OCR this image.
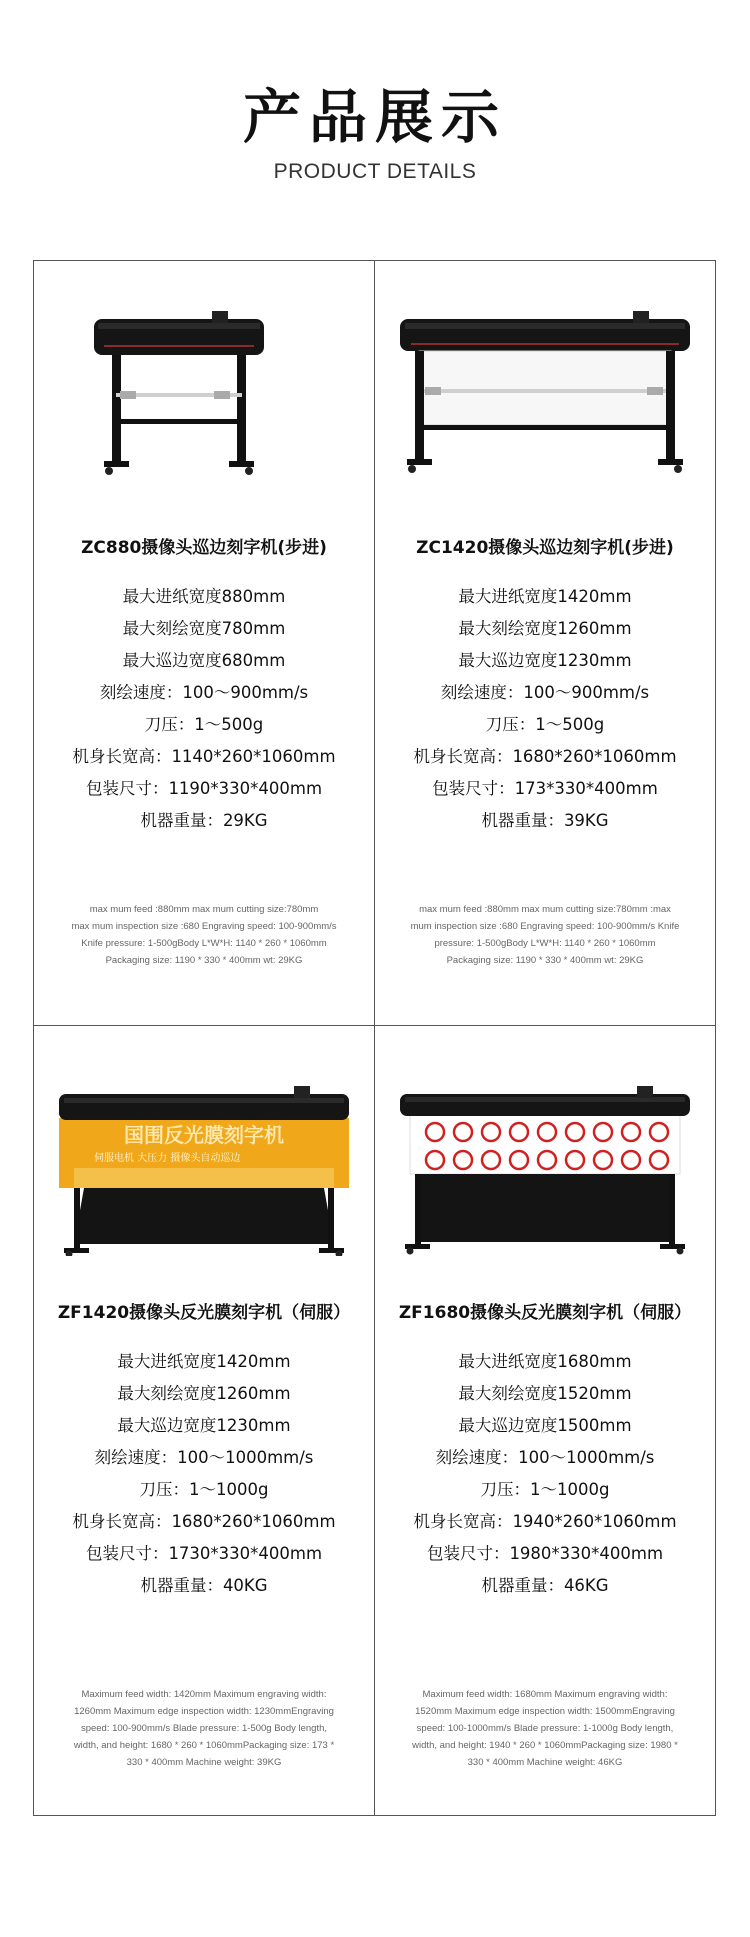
产品展示
PRODUCT DETAILS
ZC880摄像头巡边刻字机(步进)
最大进纸宽度880mm
最大刻绘宽度780mm
最大巡边宽度680mm
刻绘速度：100～900mm/s
刀压：1～500g
机身长宽高：1140*260*1060mm
包装尺寸：1190*330*400mm
机器重量：29KG
max mum feed :880mm max mum cutting size:780mm
max mum inspection size :680 Engraving speed: 100-900mm/s
Knife pressure: 1-500gBody L*W*H: 1140 * 260 * 1060mm
Packaging size: 1190 * 330 * 400mm wt: 29KG
ZC1420摄像头巡边刻字机(步进)
最大进纸宽度1420mm
最大刻绘宽度1260mm
最大巡边宽度1230mm
刻绘速度：100～900mm/s
刀压：1～500g
机身长宽高：1680*260*1060mm
包装尺寸：173*330*400mm
机器重量：39KG
max mum feed :880mm max mum cutting size:780mm :max
mum inspection size :680 Engraving speed: 100-900mm/s Knife
pressure: 1-500gBody L*W*H: 1140 * 260 * 1060mm
Packaging size: 1190 * 330 * 400mm wt: 29KG
国围反光膜刻字机
伺服电机 大压力 摄像头自动巡边
ZF1420摄像头反光膜刻字机（伺服）
最大进纸宽度1420mm
最大刻绘宽度1260mm
最大巡边宽度1230mm
刻绘速度：100～1000mm/s
刀压：1～1000g
机身长宽高：1680*260*1060mm
包装尺寸：1730*330*400mm
机器重量：40KG
Maximum feed width: 1420mm Maximum engraving width:
1260mm Maximum edge inspection width: 1230mmEngraving
speed: 100-900mm/s Blade pressure: 1-500g Body length,
width, and height: 1680 * 260 * 1060mmPackaging size: 173 *
330 * 400mm Machine weight: 39KG
ZF1680摄像头反光膜刻字机（伺服）
最大进纸宽度1680mm
最大刻绘宽度1520mm
最大巡边宽度1500mm
刻绘速度：100～1000mm/s
刀压：1～1000g
机身长宽高：1940*260*1060mm
包装尺寸：1980*330*400mm
机器重量：46KG
Maximum feed width: 1680mm Maximum engraving width:
1520mm Maximum edge inspection width: 1500mmEngraving
speed: 100-1000mm/s Blade pressure: 1-1000g Body length,
width, and height: 1940 * 260 * 1060mmPackaging size: 1980 *
330 * 400mm Machine weight: 46KG
